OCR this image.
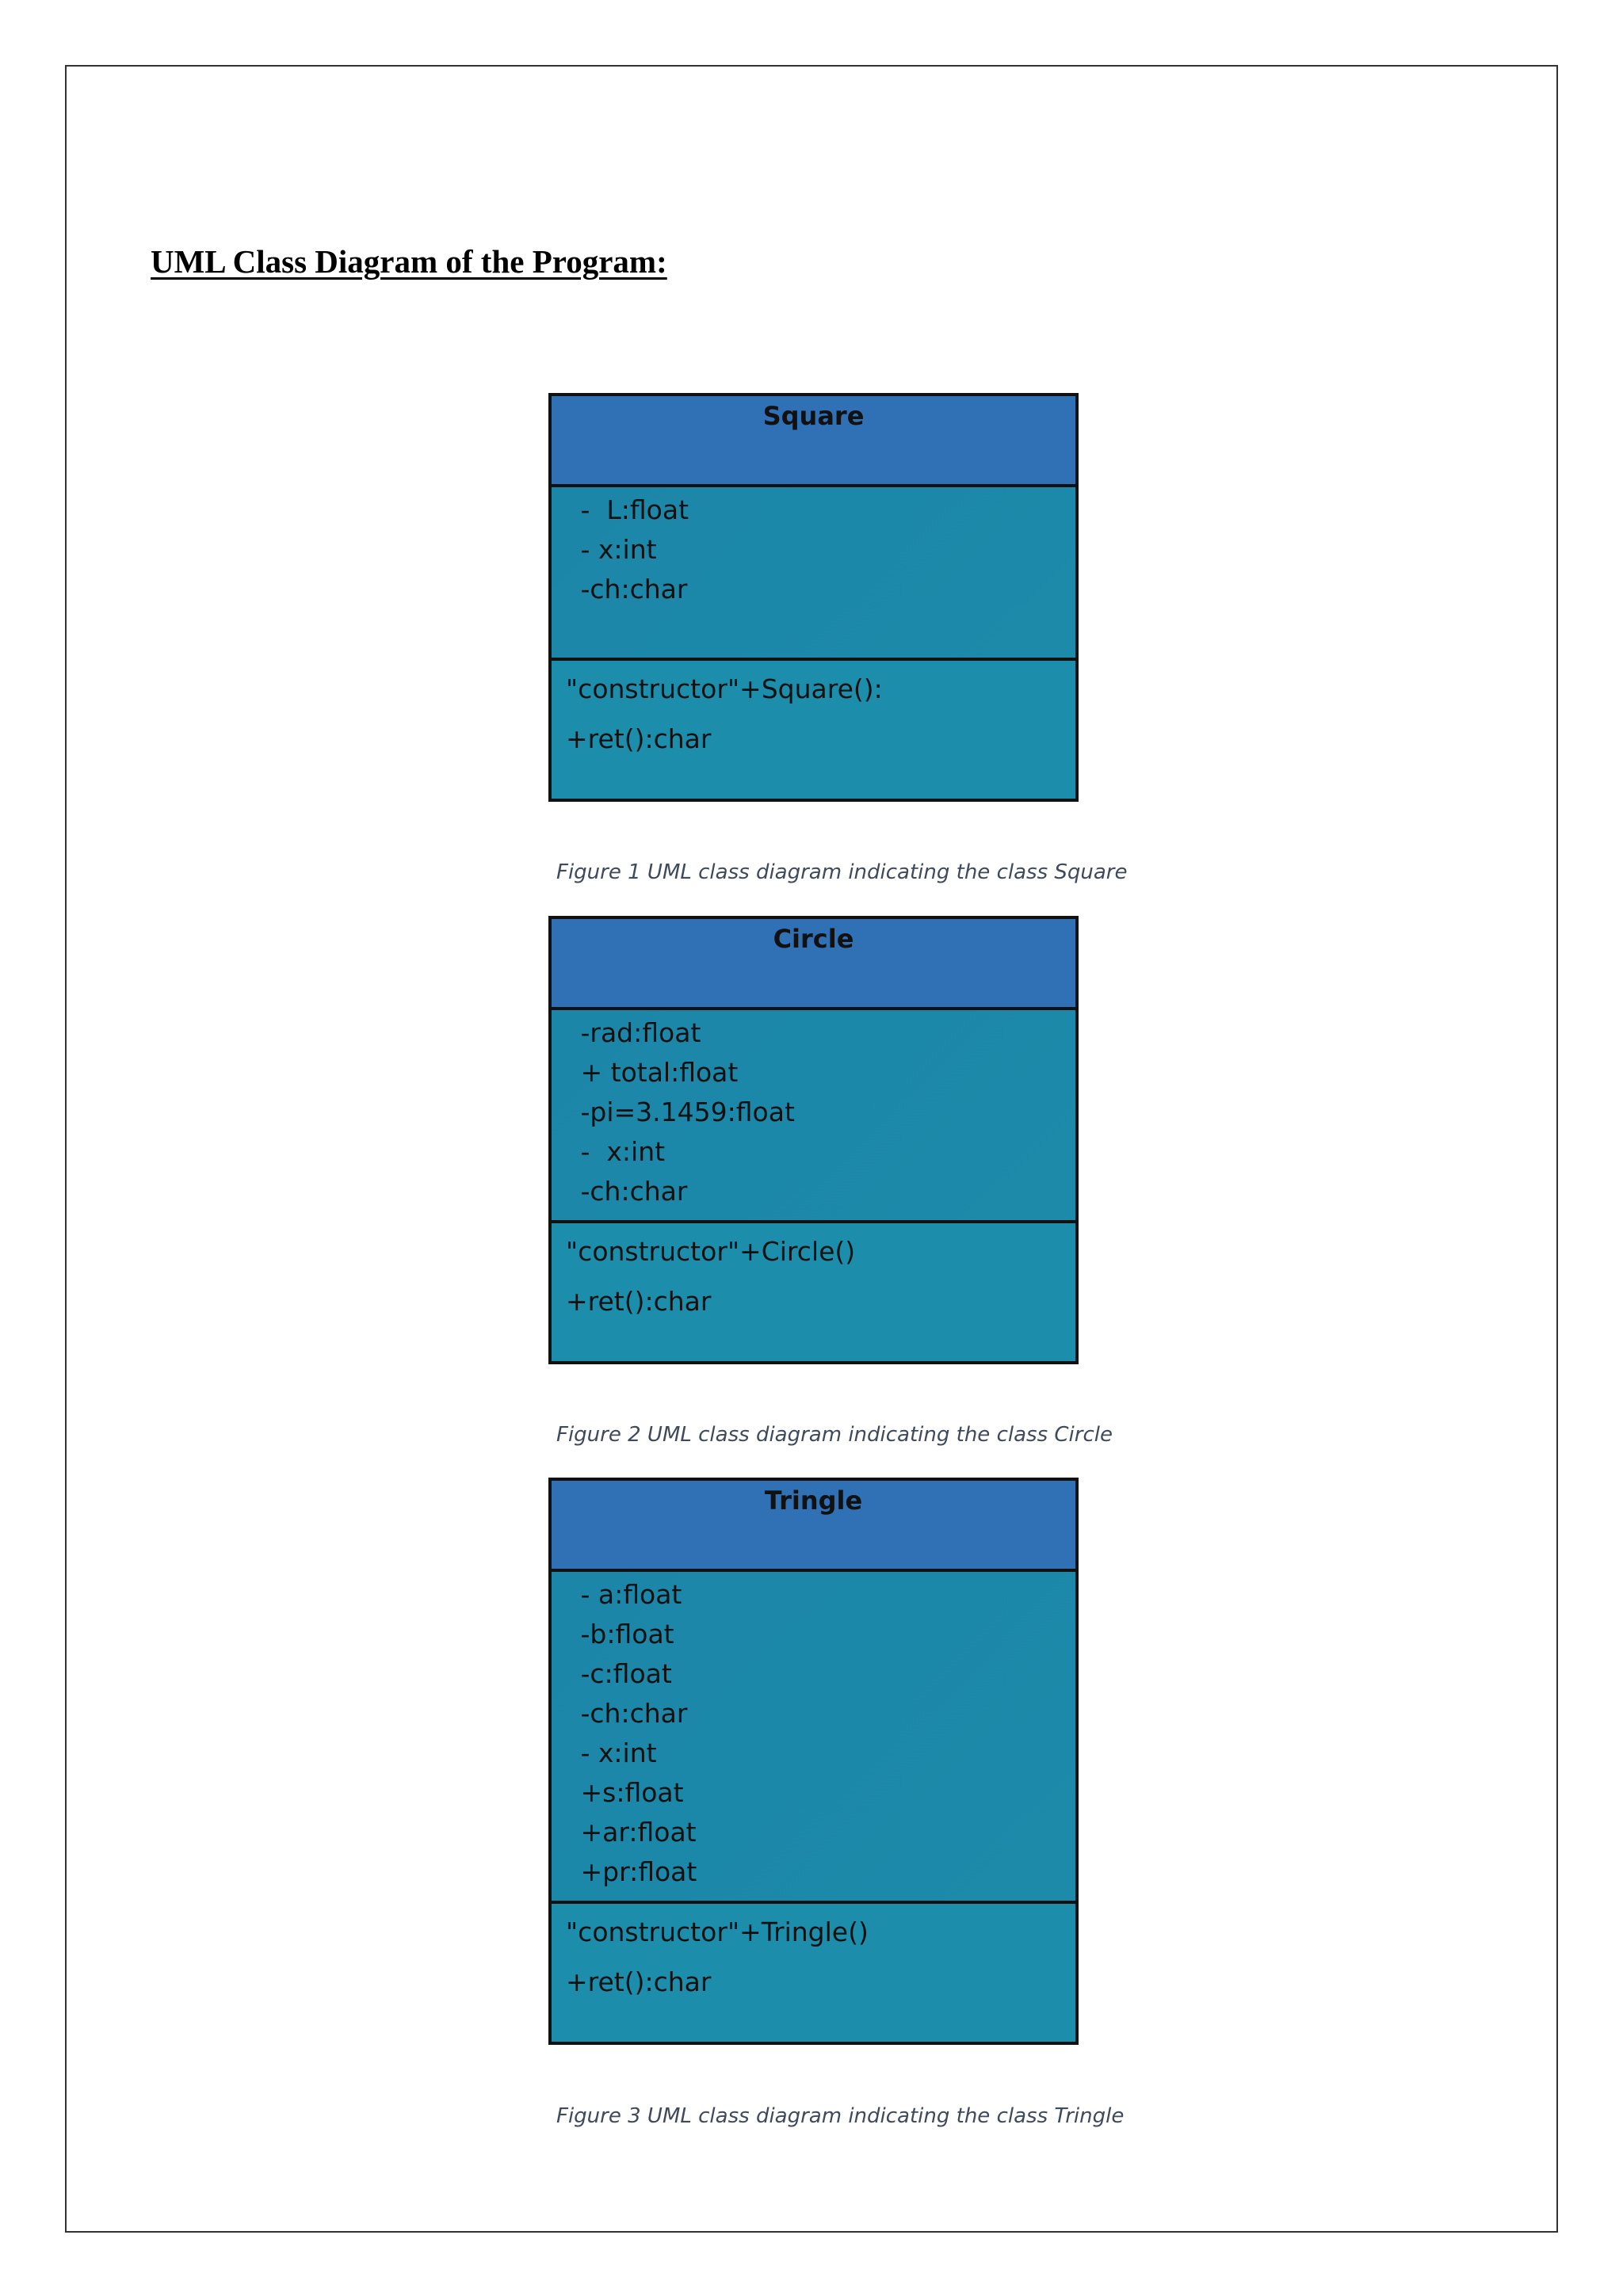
UML Class Diagram of the Program:
Square
-  L:float
- x:int
-ch:char
"constructor"+Square():
+ret():char

Figure 1 UML class diagram indicating the class Square

Circle
-rad:float
+ total:float
-pi=3.1459:float
-  x:int
-ch:char
"constructor"+Circle()
+ret():char

Figure 2 UML class diagram indicating the class Circle

Tringle
- a:float
-b:float
-c:float
-ch:char
- x:int
+s:float
+ar:float
+pr:float
"constructor"+Tringle()
+ret():char

Figure 3 UML class diagram indicating the class Tringle
